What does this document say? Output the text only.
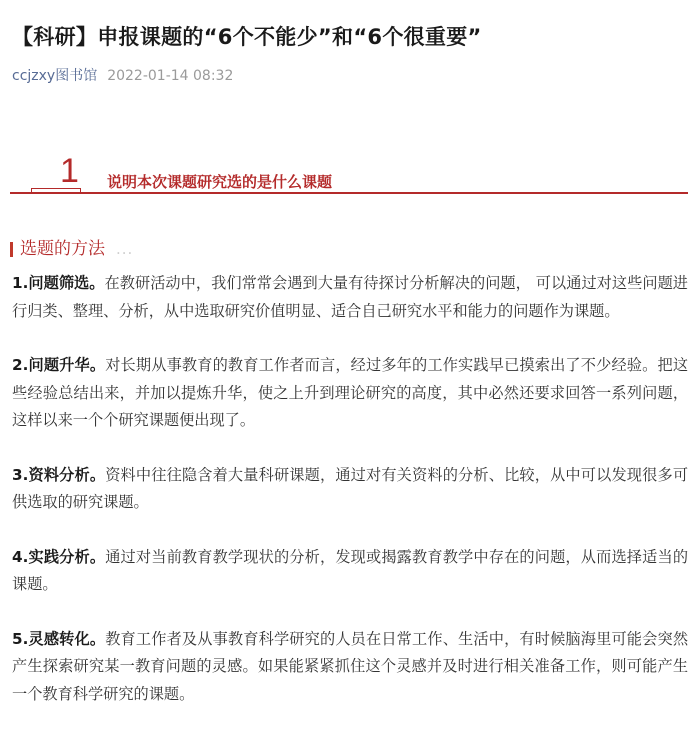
【科研】申报课题的“6个不能少”和“6个很重要”
ccjzxy图书馆 2022-01-14 08:32
1 说明本次课题研究选的是什么课题
选题的方法 ...

1.问题筛选。在教研活动中，我们常常会遇到大量有待探讨分析解决的问题， 可以通过对这些问题进行归类、整理、分析，从中选取研究价值明显、适合自己研究水平和能力的问题作为课题。

2.问题升华。对长期从事教育的教育工作者而言，经过多年的工作实践早已摸索出了不少经验。把这些经验总结出来，并加以提炼升华，使之上升到理论研究的高度，其中必然还要求回答一系列问题，这样以来一个个研究课题便出现了。

3.资料分析。资料中往往隐含着大量科研课题，通过对有关资料的分析、比较，从中可以发现很多可供选取的研究课题。

4.实践分析。通过对当前教育教学现状的分析，发现或揭露教育教学中存在的问题，从而选择适当的课题。

5.灵感转化。教育工作者及从事教育科学研究的人员在日常工作、生活中，有时候脑海里可能会突然产生探索研究某一教育问题的灵感。如果能紧紧抓住这个灵感并及时进行相关准备工作，则可能产生一个教育科学研究的课题。
